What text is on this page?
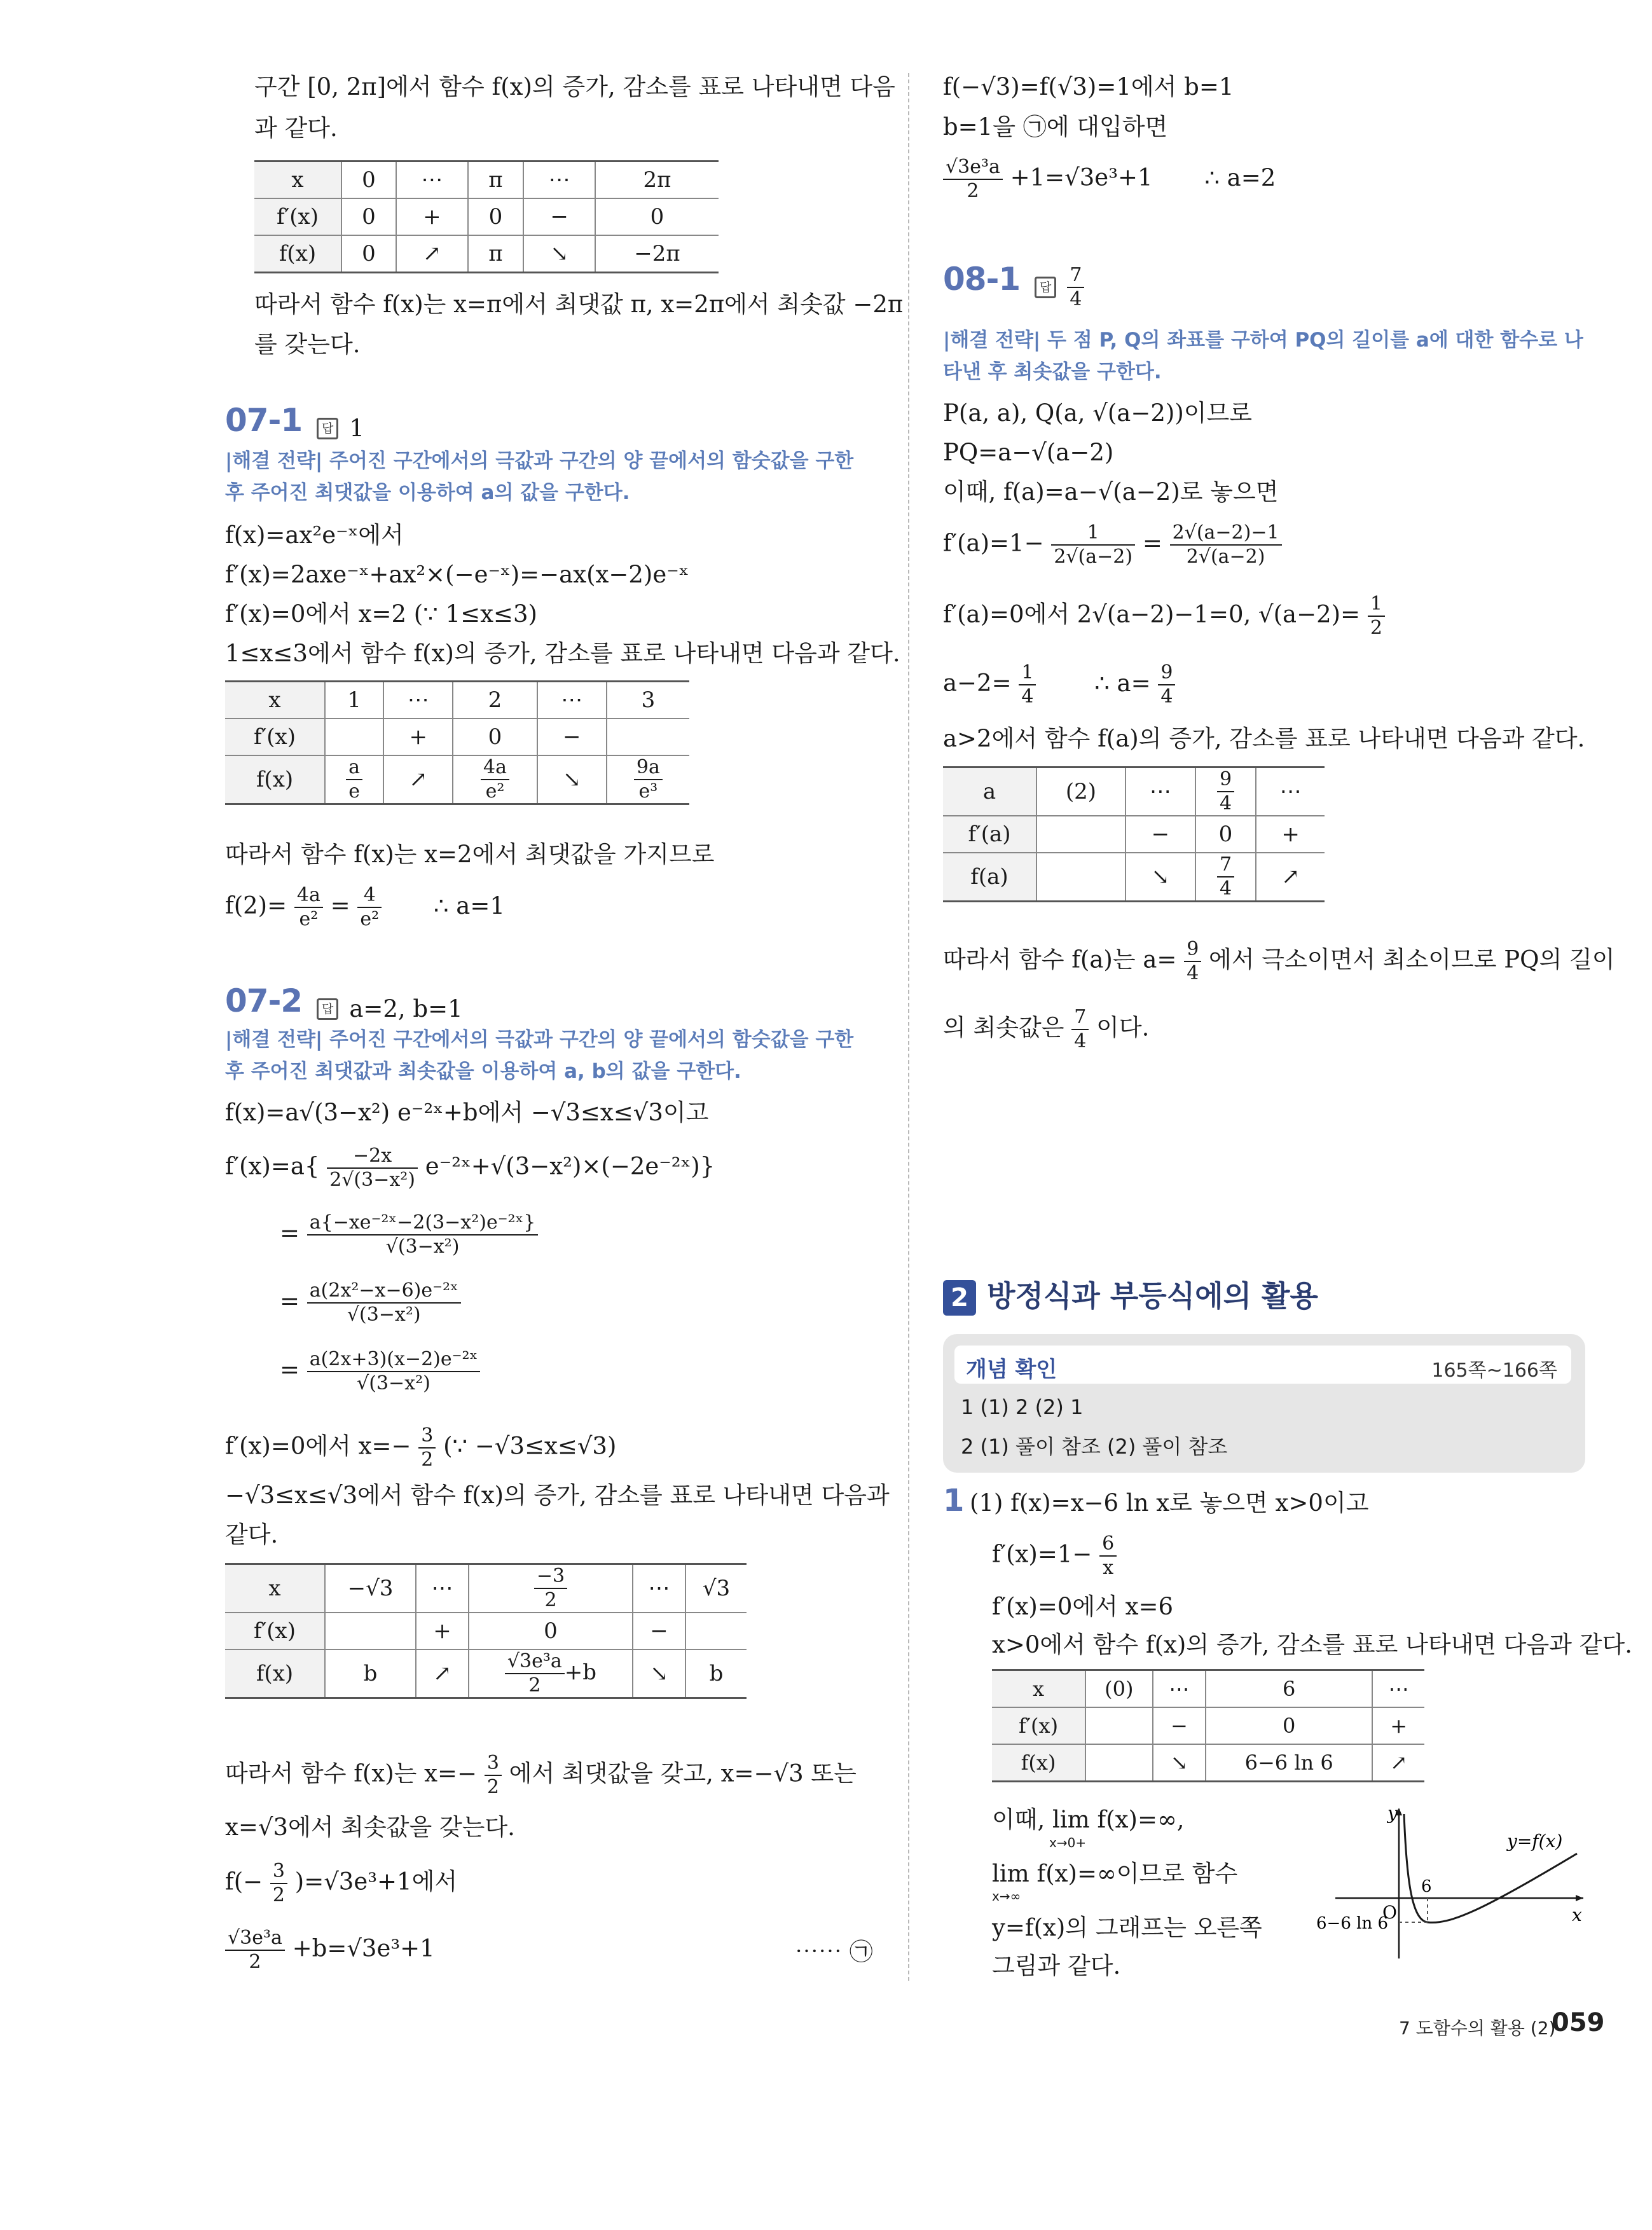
구간 [0, 2π]에서 함수 f(x)의 증가, 감소를 표로 나타내면 다음
과 같다.
x	0	⋯	π	⋯	2π
f′(x)	0	+	0	−	0
f(x)	0	↗	π	↘	−2π
따라서 함수 f(x)는 x=π에서 최댓값 π, x=2π에서 최솟값 −2π
를 갖는다.
07-1 답 1
|해결 전략| 주어진 구간에서의 극값과 구간의 양 끝에서의 함숫값을 구한 후 주어진 최댓값을 이용하여 a의 값을 구한다.
f(x)=ax²e⁻ˣ에서
f′(x)=2axe⁻ˣ+ax²×(−e⁻ˣ)=−ax(x−2)e⁻ˣ
f′(x)=0에서 x=2 (∵ 1≤x≤3)
1≤x≤3에서 함수 f(x)의 증가, 감소를 표로 나타내면 다음과 같다.
x	1	⋯	2	⋯	3
f′(x)		+	0	−	
f(x)	$\frac{a}{e}$	↗	$\frac{4a}{\text{e²}}$	↘	$\frac{9a}{\text{e³}}$
따라서 함수 f(x)는 x=2에서 최댓값을 가지므로
$f(2)= \frac{4a}{\text{e²}} = \frac{4}{\text{e²}}$ ∴ a=1
07-2 답 a=2, b=1
|해결 전략| 주어진 구간에서의 극값과 구간의 양 끝에서의 함숫값을 구한 후 주어진 최댓값과 최솟값을 이용하여 a, b의 값을 구한다.
f(x)=a√(3−x²) e⁻²ˣ+b에서 −√3≤x≤√3이고
$f'(x)=a\{ \frac{-2x}{\text{2√(3−x²)}}$ e⁻²ˣ+√(3−x²)×(−2e⁻²ˣ)}
= $\frac{\text{a\{−xe⁻²ˣ−2(3−x²)e⁻²ˣ\}}}{\text{√(3−x²)}}$
= $\frac{\text{a(2x²−x−6)e⁻²ˣ}}{\text{√(3−x²)}}$
= $\frac{\text{a(2x+3)(x−2)e⁻²ˣ}}{\text{√(3−x²)}}$
f′(x)=0에서 $x=- \frac{3}{2}$ (∵ −√3≤x≤√3)
−√3≤x≤√3에서 함수 f(x)의 증가, 감소를 표로 나타내면 다음과
같다.
x	−√3	⋯	$\frac{-3}{2}$	⋯	√3
f′(x)		+	0	−	
f(x)	b	↗	$\frac{\text{√3e³a}}{2} +b$	↘	b
따라서 함수 f(x)는 $x=- \frac{3}{2}$ 에서 최댓값을 갖고, x=−√3 또는
x=√3에서 최솟값을 갖는다.
$f(- \frac{3}{2} )=√3e^3+1$에서
$\frac{\text{√3e³a}}{2} +b=√3e^3+1$	⋯⋯ ㉠
f(−√3)=f(√3)=1에서 b=1
b=1을 ㉠에 대입하면
$\frac{\text{√3e³a}}{2} +1=√3e^3+1$ ∴ a=2
08-1 답 $\frac{7}{4}$
|해결 전략| 두 점 P, Q의 좌표를 구하여 PQ의 길이를 a에 대한 함수로 나타낸 후 최솟값을 구한다.
P(a, a), Q(a, √(a−2))이므로
PQ=a−√(a−2)
이때, f(a)=a−√(a−2)로 놓으면
$f'(a)=1- \frac{1}{2√(a-2)} = \frac{2√(a-2)-1}{2√(a-2)}$
f′(a)=0에서 2√(a−2)−1=0, $√(a-2)= \frac{1}{2}$
$a-2= \frac{1}{4}$ ∴ $a= \frac{9}{4}$
a>2에서 함수 f(a)의 증가, 감소를 표로 나타내면 다음과 같다.
a	(2)	⋯	$\frac{9}{4}$	⋯
f′(a)		−	0	+
f(a)		↘	$\frac{7}{4}$	↗
따라서 함수 f(a)는 $a= \frac{9}{4}$ 에서 극소이면서 최소이므로 PQ의 길이
의 최솟값은 $\frac{7}{4}$ 이다.
2 방정식과 부등식에의 활용
개념 확인	165쪽~166쪽
1 (1) 2 (2) 1
2 (1) 풀이 참조 (2) 풀이 참조
1 (1) f(x)=x−6 ln x로 놓으면 x>0이고
$f'(x)=1- \frac{6}{x}$
f′(x)=0에서 x=6
x>0에서 함수 f(x)의 증가, 감소를 표로 나타내면 다음과 같다.
x	(0)	⋯	6	⋯
f′(x)		−	0	+
f(x)		↘	6−6 ln 6	↗
이때, lim f(x)=∞,
x→0+
lim f(x)=∞이므로 함수
x→∞
y=f(x)의 그래프는 오른쪽
그림과 같다.
y
x
O
6
y=f(x)
6−6 ln 6
7 도함수의 활용 (2)
059
